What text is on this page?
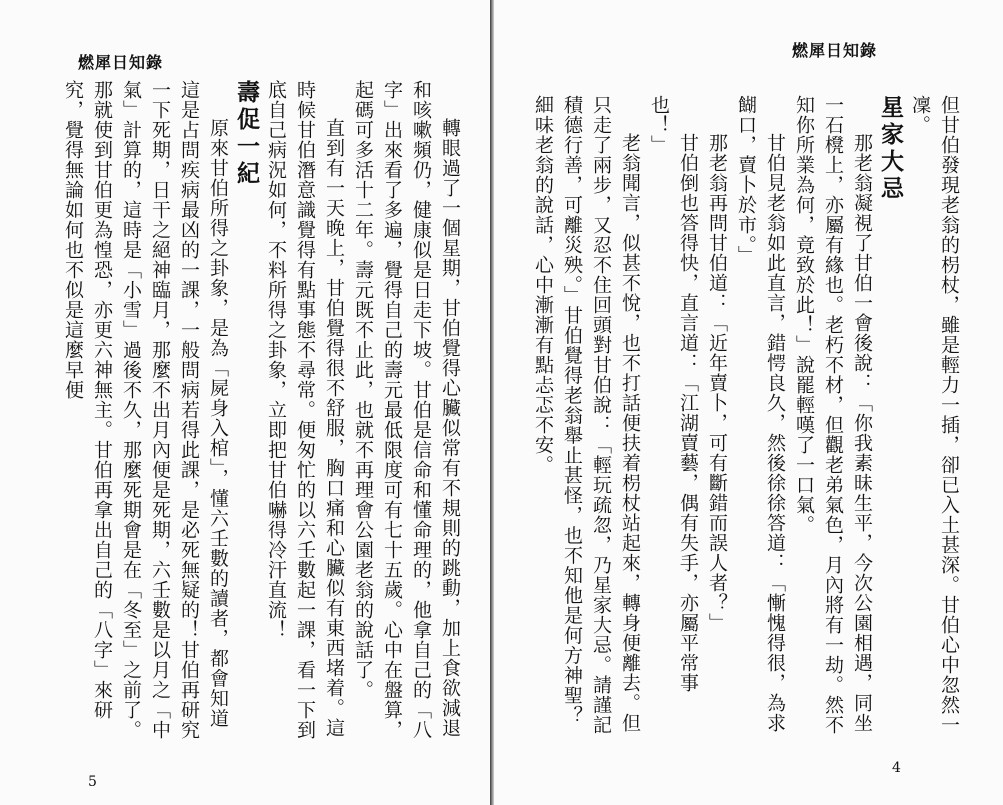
燃犀日知錄

轉眼過了一個星期，甘伯覺得心臟似常有不規則的跳動，加上食欲減退和咳嗽頻仍，健康似是日走下坡。甘伯是信命和懂命理的，他拿自己的「八字」出來看了多遍，覺得自己的壽元最低限度可有七十五歲。心中在盤算，起碼可多活十二年。壽元既不止此，也就不再理會公園老翁的說話了。

直到有一天晚上，甘伯覺得很不舒服，胸口痛和心臟似有東西堵着。這時候甘伯潛意識覺得有點事態不尋常。便匆忙的以六壬數起一課，看一下到底自己病況如何，不料所得之卦象，立即把甘伯嚇得冷汗直流！

壽促一紀

原來甘伯所得之卦象，是為「屍身入棺」，懂六壬數的讀者，都會知道這是占問疾病最凶的一課，一般問病若得此課，是必死無疑的！甘伯再研究一下死期，日干之絕神臨月，那麼不出月內便是死期，六壬數是以月之「中氣」計算的，這時是「小雪」過後不久，那麼死期會是在「冬至」之前了。那就使到甘伯更為惶恐，亦更六神無主。甘伯再拿出自己的「八字」來研究，覺得無論如何也不似是這麼早便

5
燃犀日知錄

但甘伯發現老翁的枴杖，雖是輕力一插，卻已入土甚深。甘伯心中忽然一凜。

星家大忌

那老翁凝視了甘伯一會後說：「你我素昧生平，今次公園相遇，同坐一石櫈上，亦屬有緣也。老朽不材，但觀老弟氣色，月內將有一劫。然不知你所業為何，竟致於此！」說罷輕嘆了一口氣。

甘伯見老翁如此直言，錯愕良久，然後徐徐答道：「慚愧得很，為求餬口，賣卜於市。」

那老翁再問甘伯道：「近年賣卜，可有斷錯而誤人者？」

甘伯倒也答得快，直言道：「江湖賣藝，偶有失手，亦屬平常事也！」

老翁聞言，似甚不悅，也不打話便扶着枴杖站起來，轉身便離去。但只走了兩步，又忍不住回頭對甘伯說：「輕玩疏忽，乃星家大忌。請謹記積德行善，可離災殃。」甘伯覺得老翁舉止甚怪，也不知他是何方神聖？細味老翁的說話，心中漸漸有點忐忑不安。

4
